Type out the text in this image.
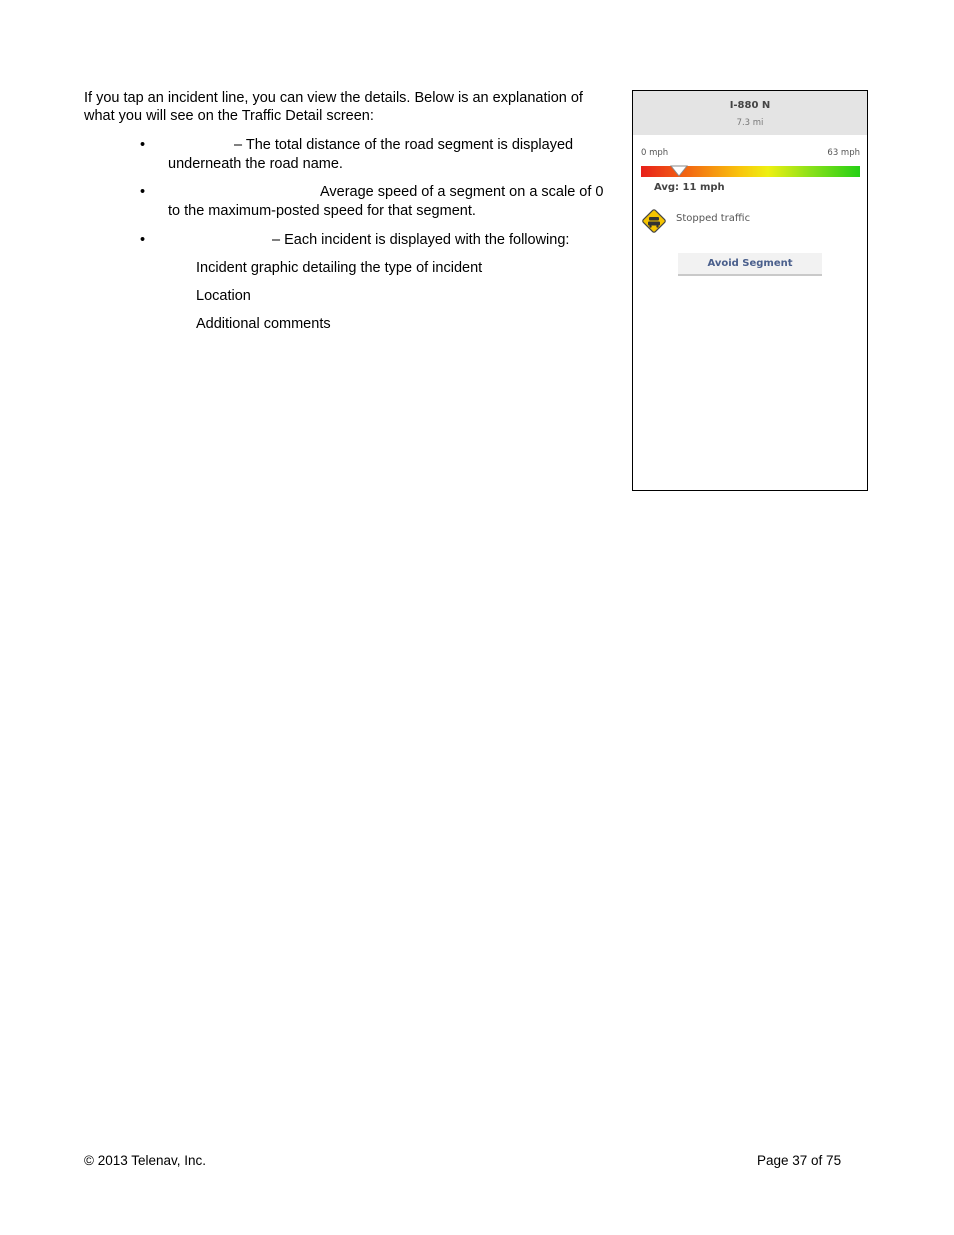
If you tap an incident line, you can view the details. Below is an explanation of what you will see on the Traffic Detail screen:

•	– The total distance of the road segment is displayed underneath the road name.
•	Average speed of a segment on a scale of 0 to the maximum-posted speed for that segment.
•	– Each incident is displayed with the following:
Incident graphic detailing the type of incident
Location
Additional comments
I-880 N
7.3 mi
0 mph	63 mph
Avg: 11 mph
Stopped traffic
Avoid Segment
© 2013 Telenav, Inc.	Page 37 of 75
